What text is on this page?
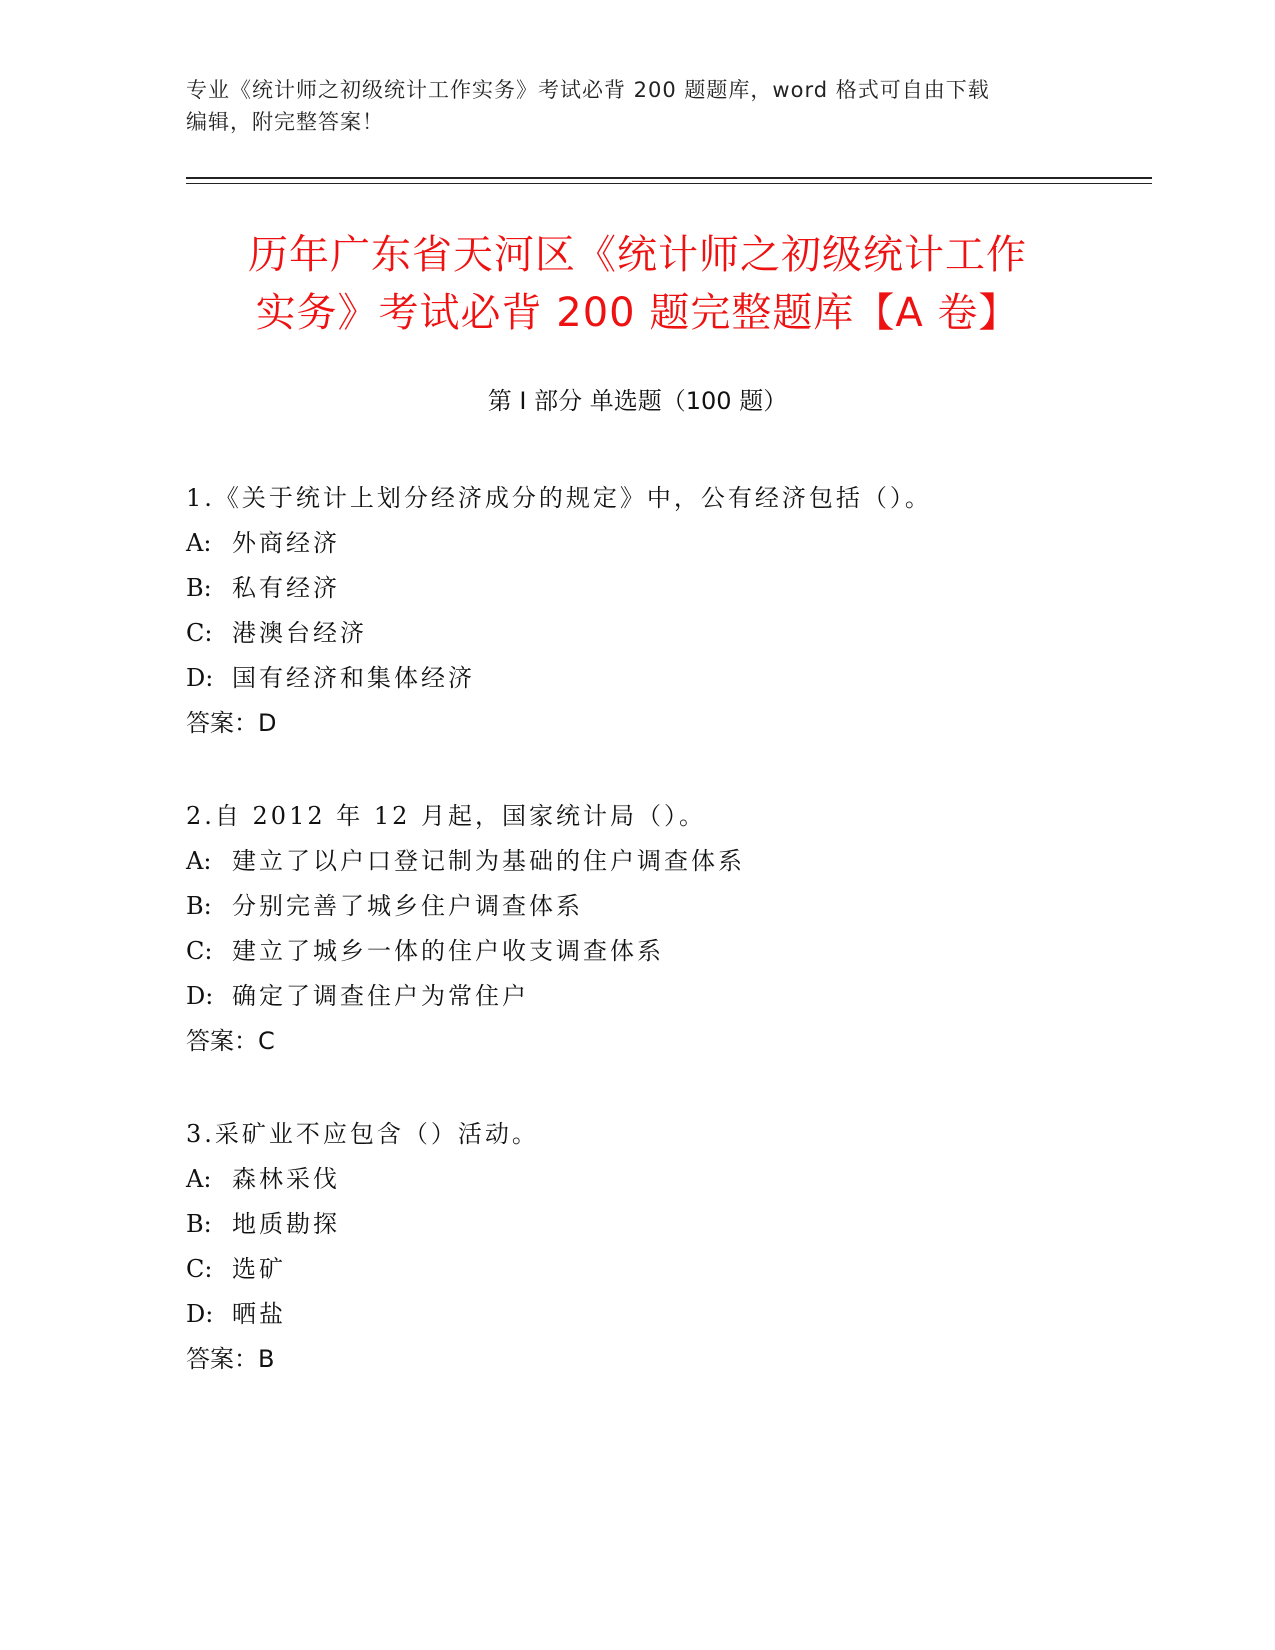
专业《统计师之初级统计工作实务》考试必背 200 题题库，word 格式可自由下载
编辑，附完整答案！
历年广东省天河区《统计师之初级统计工作
实务》考试必背 200 题完整题库【A 卷】
第 I 部分 单选题（100 题）
1.《关于统计上划分经济成分的规定》中，公有经济包括（）。
A: 外商经济
B: 私有经济
C: 港澳台经济
D: 国有经济和集体经济
答案：D
2.自 2012 年 12 月起，国家统计局（）。
A: 建立了以户口登记制为基础的住户调查体系
B: 分别完善了城乡住户调查体系
C: 建立了城乡一体的住户收支调查体系
D: 确定了调查住户为常住户
答案：C
3.采矿业不应包含（）活动。
A: 森林采伐
B: 地质勘探
C: 选矿
D: 晒盐
答案：B
